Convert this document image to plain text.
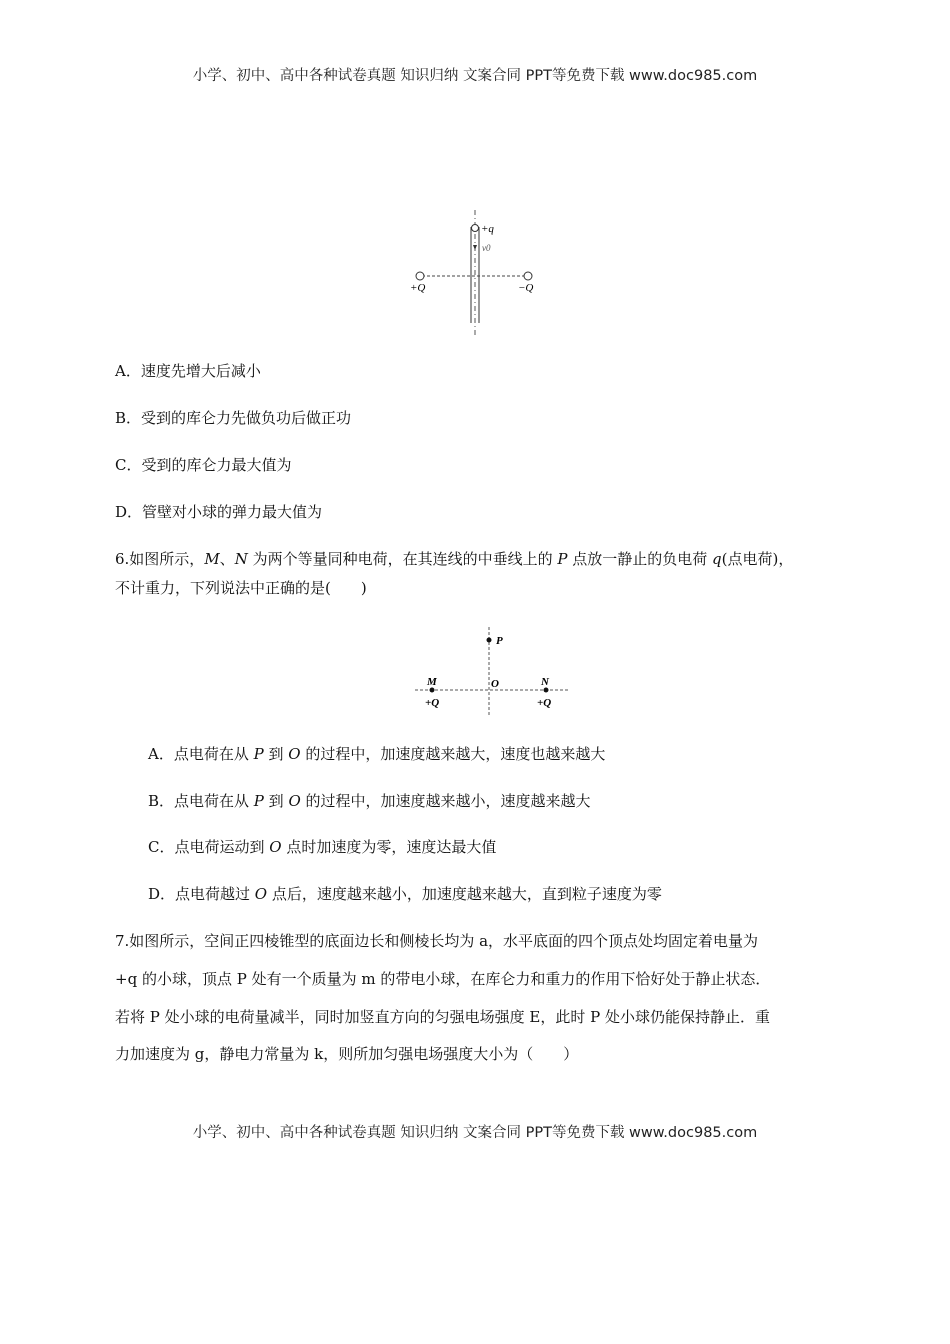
小学、初中、高中各种试卷真题 知识归纳 文案合同 PPT等免费下载 www.doc985.com
+q
v0
+Q	−Q
A．速度先增大后减小
B．受到的库仑力先做负功后做正功
C．受到的库仑力最大值为
D．管壁对小球的弹力最大值为
6.如图所示，M、N 为两个等量同种电荷，在其连线的中垂线上的 P 点放一静止的负电荷 q(点电荷)，
不计重力，下列说法中正确的是(　　)
P
O
M	N
+Q	+Q
A．点电荷在从 P 到 O 的过程中，加速度越来越大，速度也越来越大
B．点电荷在从 P 到 O 的过程中，加速度越来越小，速度越来越大
C．点电荷运动到 O 点时加速度为零，速度达最大值
D．点电荷越过 O 点后，速度越来越小，加速度越来越大，直到粒子速度为零
7.如图所示，空间正四棱锥型的底面边长和侧棱长均为 a，水平底面的四个顶点处均固定着电量为
+q 的小球，顶点 P 处有一个质量为 m 的带电小球，在库仑力和重力的作用下恰好处于静止状态．
若将 P 处小球的电荷量减半，同时加竖直方向的匀强电场强度 E，此时 P 处小球仍能保持静止．重
力加速度为 g，静电力常量为 k，则所加匀强电场强度大小为（　　）
小学、初中、高中各种试卷真题 知识归纳 文案合同 PPT等免费下载 www.doc985.com
